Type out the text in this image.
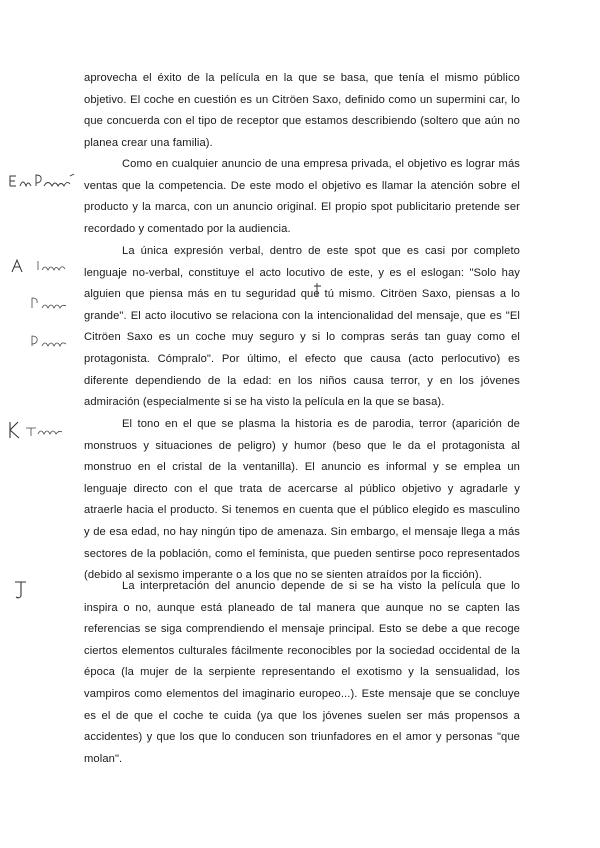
aprovecha el éxito de la película en la que se basa, que tenía el mismo público objetivo. El coche en cuestión es un Citröen Saxo, definido como un supermini car, lo que concuerda con el tipo de receptor que estamos describiendo (soltero que aún no planea crear una familia).

Como en cualquier anuncio de una empresa privada, el objetivo es lograr más ventas que la competencia. De este modo el objetivo es llamar la atención sobre el producto y la marca, con un anuncio original. El propio spot publicitario pretende ser recordado y comentado por la audiencia.

La única expresión verbal, dentro de este spot que es casi por completo lenguaje no-verbal, constituye el acto locutivo de este, y es el eslogan: "Solo hay alguien que piensa más en tu seguridad que tú mismo. Citröen Saxo, piensas a lo grande". El acto ilocutivo se relaciona con la intencionalidad del mensaje, que es "El Citröen Saxo es un coche muy seguro y si lo compras serás tan guay como el protagonista. Cómpralo". Por último, el efecto que causa (acto perlocutivo) es diferente dependiendo de la edad: en los niños causa terror, y en los jóvenes admiración (especialmente si se ha visto la película en la que se basa).

El tono en el que se plasma la historia es de parodia, terror (aparición de monstruos y situaciones de peligro) y humor (beso que le da el protagonista al monstruo en el cristal de la ventanilla). El anuncio es informal y se emplea un lenguaje directo con el que trata de acercarse al público objetivo y agradarle y atraerle hacia el producto. Si tenemos en cuenta que el público elegido es masculino y de esa edad, no hay ningún tipo de amenaza. Sin embargo, el mensaje llega a más sectores de la población, como el feminista, que pueden sentirse poco representados (debido al sexismo imperante o a los que no se sienten atraídos por la ficción).

La interpretación del anuncio depende de si se ha visto la película que lo inspira o no, aunque está planeado de tal manera que aunque no se capten las referencias se siga comprendiendo el mensaje principal. Esto se debe a que recoge ciertos elementos culturales fácilmente reconocibles por la sociedad occidental de la época (la mujer de la serpiente representando el exotismo y la sensualidad, los vampiros como elementos del imaginario europeo...). Este mensaje que se concluye es el de que el coche te cuida (ya que los jóvenes suelen ser más propensos a accidentes) y que los que lo conducen son triunfadores en el amor y personas "que molan".
